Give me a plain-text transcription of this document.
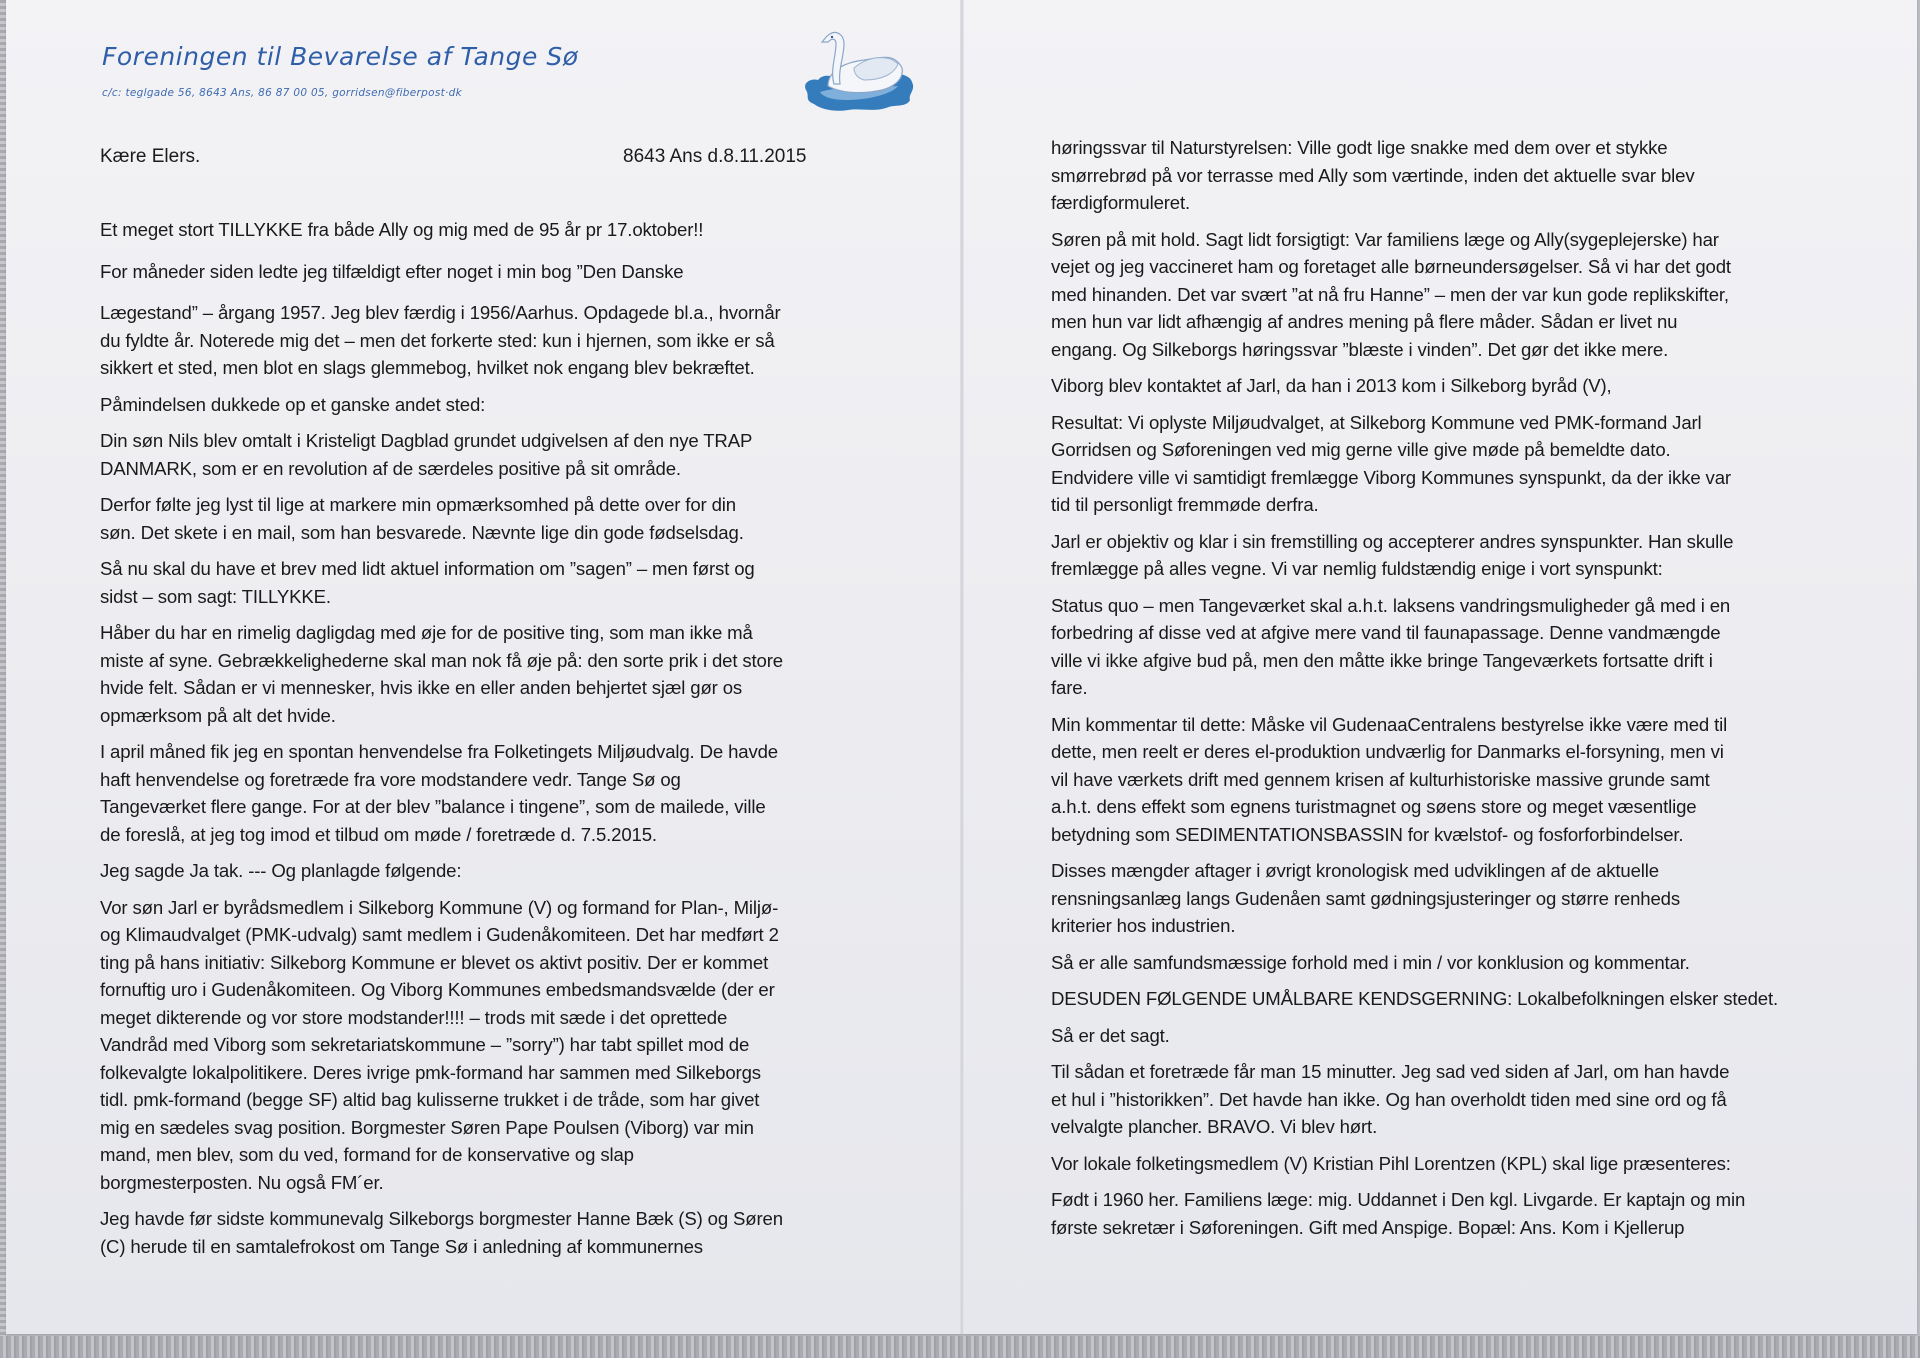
Foreningen til Bevarelse af Tange Sø
c/c: teglgade 56, 8643 Ans, 86 87 00 05, gorridsen@fiberpost·dk
Kære Elers.	8643 Ans d.8.11.2015

Et meget stort TILLYKKE fra både Ally og mig med de 95 år pr 17.oktober!!

For måneder siden ledte jeg tilfældigt efter noget i min bog ”Den Danske

Lægestand” – årgang 1957. Jeg blev færdig i 1956/Aarhus. Opdagede bl.a., hvornår
du fyldte år. Noterede mig det – men det forkerte sted: kun i hjernen, som ikke er så
sikkert et sted, men blot en slags glemmebog, hvilket nok engang blev bekræftet.

Påmindelsen dukkede op et ganske andet sted:

Din søn Nils blev omtalt i Kristeligt Dagblad grundet udgivelsen af den nye TRAP
DANMARK, som er en revolution af de særdeles positive på sit område.

Derfor følte jeg lyst til lige at markere min opmærksomhed på dette over for din
søn. Det skete i en mail, som han besvarede. Nævnte lige din gode fødselsdag.

Så nu skal du have et brev med lidt aktuel information om ”sagen” – men først og
sidst – som sagt: TILLYKKE.

Håber du har en rimelig dagligdag med øje for de positive ting, som man ikke må
miste af syne. Gebrækkelighederne skal man nok få øje på: den sorte prik i det store
hvide felt. Sådan er vi mennesker, hvis ikke en eller anden behjertet sjæl gør os
opmærksom på alt det hvide.

I april måned fik jeg en spontan henvendelse fra Folketingets Miljøudvalg. De havde
haft henvendelse og foretræde fra vore modstandere vedr. Tange Sø og
Tangeværket flere gange. For at der blev ”balance i tingene”, som de mailede, ville
de foreslå, at jeg tog imod et tilbud om møde / foretræde d. 7.5.2015.

Jeg sagde Ja tak. --- Og planlagde følgende:

Vor søn Jarl er byrådsmedlem i Silkeborg Kommune (V) og formand for Plan-, Miljø-
og Klimaudvalget (PMK-udvalg) samt medlem i Gudenåkomiteen. Det har medført 2
ting på hans initiativ: Silkeborg Kommune er blevet os aktivt positiv. Der er kommet
fornuftig uro i Gudenåkomiteen. Og Viborg Kommunes embedsmandsvælde (der er
meget dikterende og vor store modstander!!!! – trods mit sæde i det oprettede
Vandråd med Viborg som sekretariatskommune – ”sorry”) har tabt spillet mod de
folkevalgte lokalpolitikere. Deres ivrige pmk-formand har sammen med Silkeborgs
tidl. pmk-formand (begge SF) altid bag kulisserne trukket i de tråde, som har givet
mig en sædeles svag position. Borgmester Søren Pape Poulsen (Viborg) var min
mand, men blev, som du ved, formand for de konservative og slap
borgmesterposten. Nu også FM´er.

Jeg havde før sidste kommunevalg Silkeborgs borgmester Hanne Bæk (S) og Søren
(C) herude til en samtalefrokost om Tange Sø i anledning af kommunernes

høringssvar til Naturstyrelsen: Ville godt lige snakke med dem over et stykke
smørrebrød på vor terrasse med Ally som værtinde, inden det aktuelle svar blev
færdigformuleret.

Søren på mit hold. Sagt lidt forsigtigt: Var familiens læge og Ally(sygeplejerske) har
vejet og jeg vaccineret ham og foretaget alle børneundersøgelser. Så vi har det godt
med hinanden. Det var svært ”at nå fru Hanne” – men der var kun gode replikskifter,
men hun var lidt afhængig af andres mening på flere måder. Sådan er livet nu
engang. Og Silkeborgs høringssvar ”blæste i vinden”. Det gør det ikke mere.

Viborg blev kontaktet af Jarl, da han i 2013 kom i Silkeborg byråd (V),

Resultat: Vi oplyste Miljøudvalget, at Silkeborg Kommune ved PMK-formand Jarl
Gorridsen og Søforeningen ved mig gerne ville give møde på bemeldte dato.
Endvidere ville vi samtidigt fremlægge Viborg Kommunes synspunkt, da der ikke var
tid til personligt fremmøde derfra.

Jarl er objektiv og klar i sin fremstilling og accepterer andres synspunkter. Han skulle
fremlægge på alles vegne. Vi var nemlig fuldstændig enige i vort synspunkt:

Status quo – men Tangeværket skal a.h.t. laksens vandringsmuligheder gå med i en
forbedring af disse ved at afgive mere vand til faunapassage. Denne vandmængde
ville vi ikke afgive bud på, men den måtte ikke bringe Tangeværkets fortsatte drift i
fare.

Min kommentar til dette: Måske vil GudenaaCentralens bestyrelse ikke være med til
dette, men reelt er deres el-produktion undværlig for Danmarks el-forsyning, men vi
vil have værkets drift med gennem krisen af kulturhistoriske massive grunde samt
a.h.t. dens effekt som egnens turistmagnet og søens store og meget væsentlige
betydning som SEDIMENTATIONSBASSIN for kvælstof- og fosforforbindelser.

Disses mængder aftager i øvrigt kronologisk med udviklingen af de aktuelle
rensningsanlæg langs Gudenåen samt gødningsjusteringer og større renheds
kriterier hos industrien.

Så er alle samfundsmæssige forhold med i min / vor konklusion og kommentar.

DESUDEN FØLGENDE UMÅLBARE KENDSGERNING: Lokalbefolkningen elsker stedet.

Så er det sagt.

Til sådan et foretræde får man 15 minutter. Jeg sad ved siden af Jarl, om han havde
et hul i ”historikken”. Det havde han ikke. Og han overholdt tiden med sine ord og få
velvalgte plancher. BRAVO. Vi blev hørt.

Vor lokale folketingsmedlem (V) Kristian Pihl Lorentzen (KPL) skal lige præsenteres:

Født i 1960 her. Familiens læge: mig. Uddannet i Den kgl. Livgarde. Er kaptajn og min
første sekretær i Søforeningen. Gift med Anspige. Bopæl: Ans. Kom i Kjellerup
